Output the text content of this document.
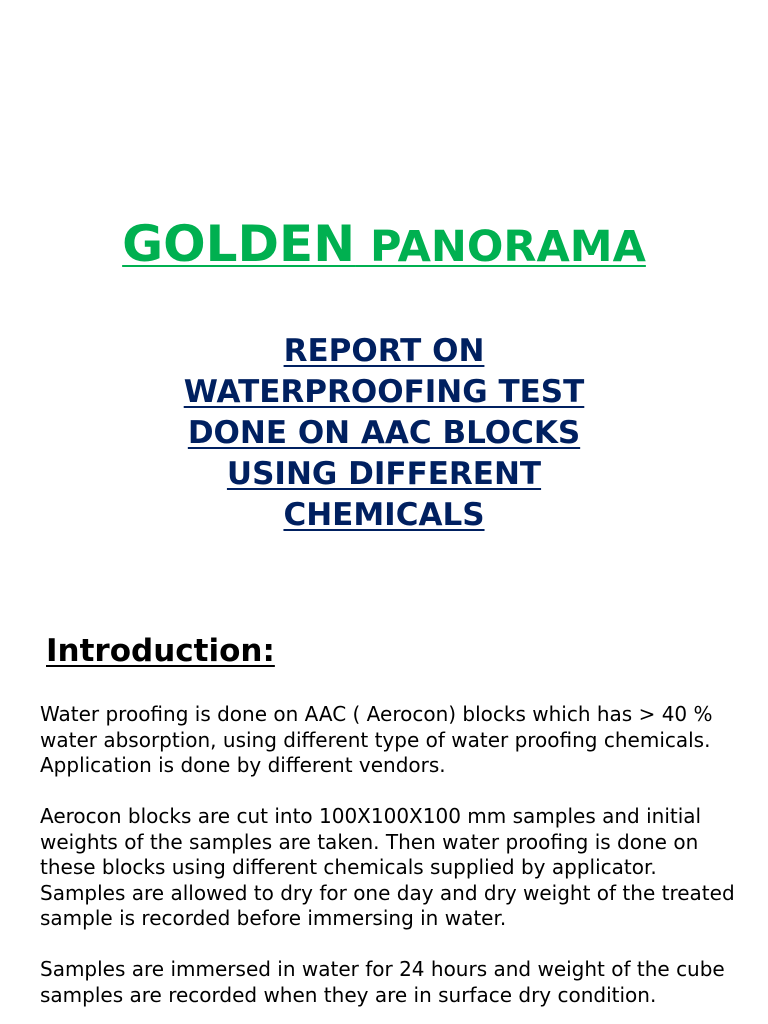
GOLDEN PANORAMA
REPORT ON WATERPROOFING TEST DONE ON AAC BLOCKS USING DIFFERENT CHEMICALS
Introduction:

Water proofing is done on AAC ( Aerocon) blocks which has > 40 % water absorption, using different type of water proofing chemicals. Application is done by different vendors.

Aerocon blocks are cut into 100X100X100 mm samples and initial weights of the samples are taken. Then water proofing is done on these blocks using different chemicals supplied by applicator. Samples are allowed to dry for one day and dry weight of the treated sample is recorded before immersing in water.

Samples are immersed in water for 24 hours and weight of the cube samples are recorded when they are in surface dry condition.
